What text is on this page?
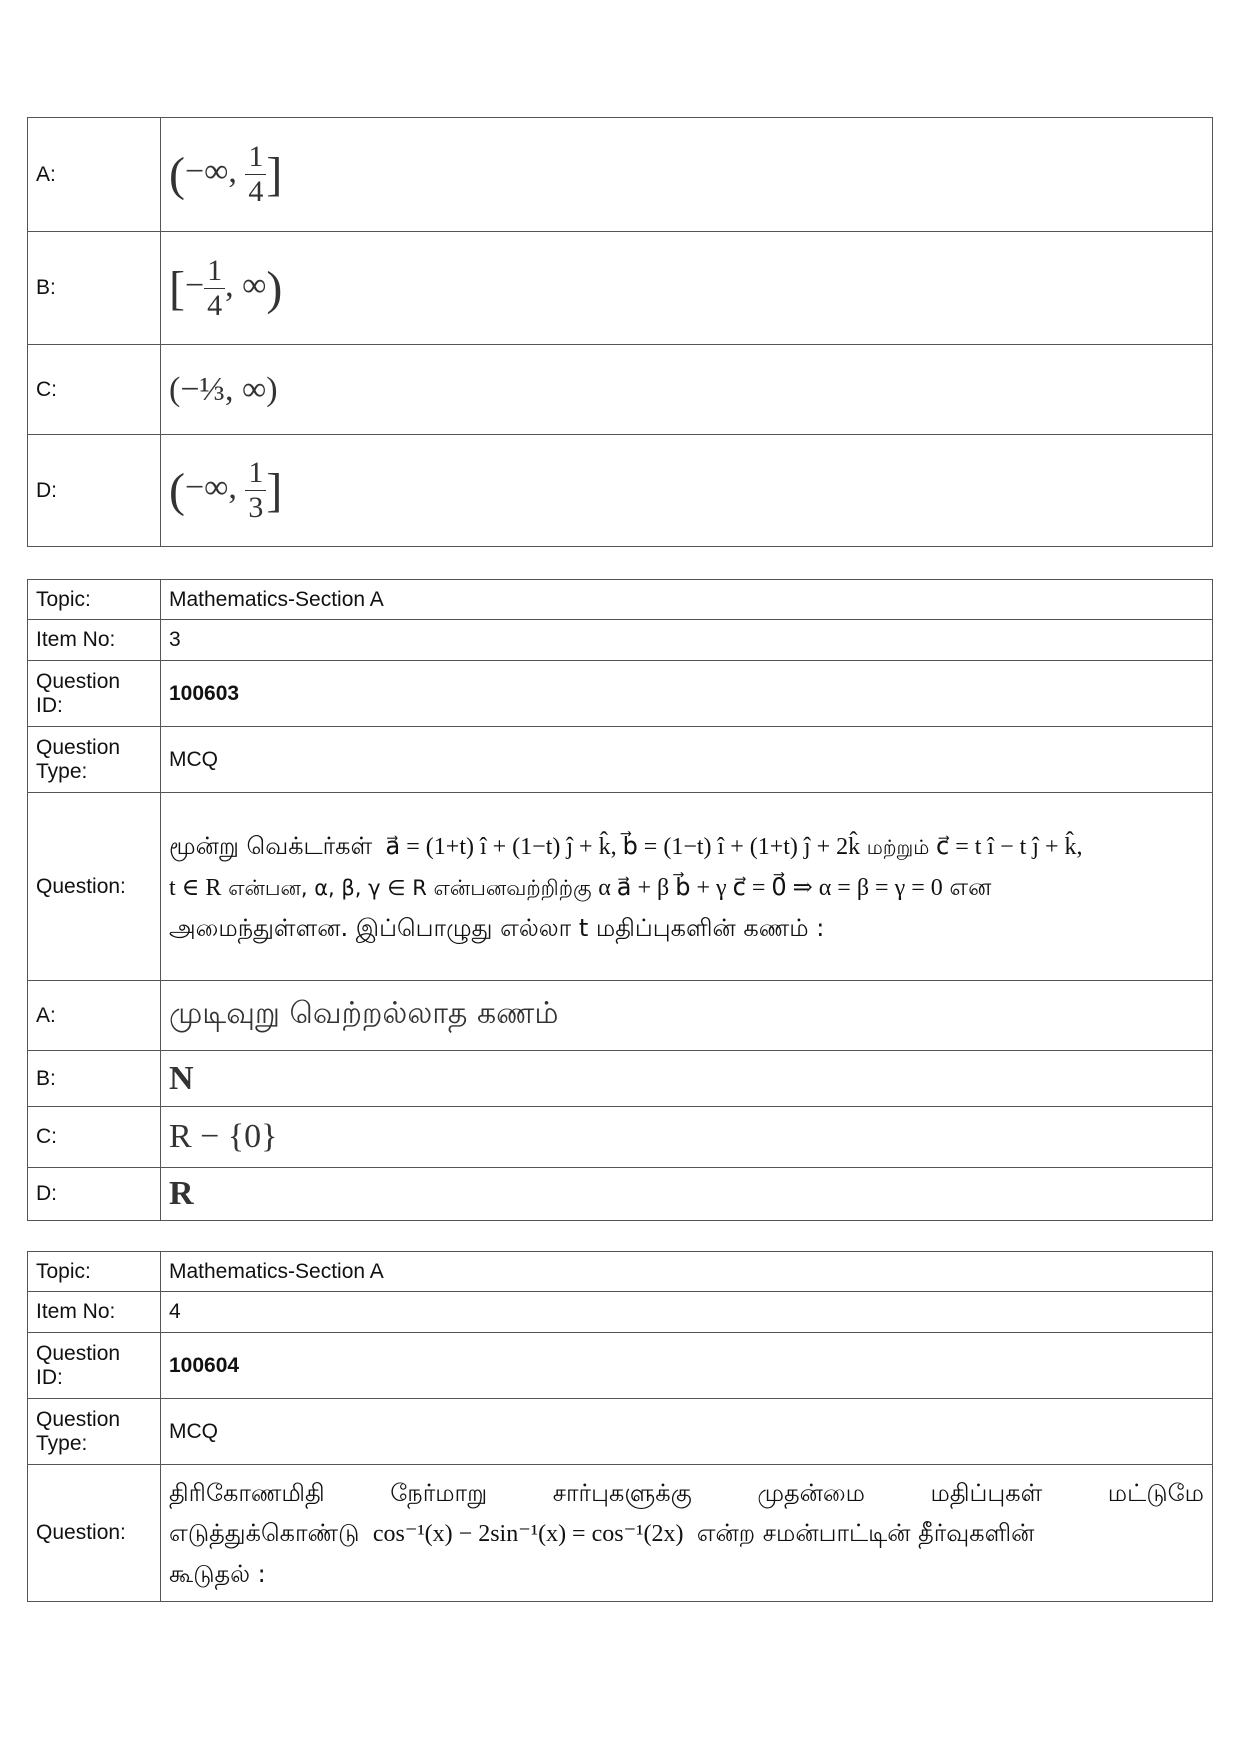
A:	(−∞, $\frac{1}{4}$ ]
B:	[− $\frac{1}{4}$ , ∞)
C:	(−⅓, ∞)
D:	(−∞, $\frac{1}{3}$ ]
Topic:	Mathematics-Section A
Item No:	3
Question ID:	100603
Question Type:	MCQ
Question:	மூன்று வெக்டர்கள் a⃗ = (1+t) î + (1−t) ĵ + k̂, b⃗ = (1−t) î + (1+t) ĵ + 2k̂ மற்றும் c⃗ = t î − t ĵ + k̂,
t ∈ R என்பன, α, β, γ ∈ R என்பனவற்றிற்கு α a⃗ + β b⃗ + γ c⃗ = 0⃗ ⇒ α = β = γ = 0 என
அமைந்துள்ளன. இப்பொழுது எல்லா t மதிப்புகளின் கணம் :

A:	முடிவுறு வெற்றல்லாத கணம்
B:	N
C:	R − {0}
D:	R
Topic:	Mathematics-Section A
Item No:	4
Question ID:	100604
Question Type:	MCQ
Question:	திரிகோணமிதி நேர்மாறு சார்புகளுக்கு முதன்மை மதிப்புகள் மட்டுமே
எடுத்துக்கொண்டு cos⁻¹(x) − 2sin⁻¹(x) = cos⁻¹(2x) என்ற சமன்பாட்டின் தீர்வுகளின்
கூடுதல் :
